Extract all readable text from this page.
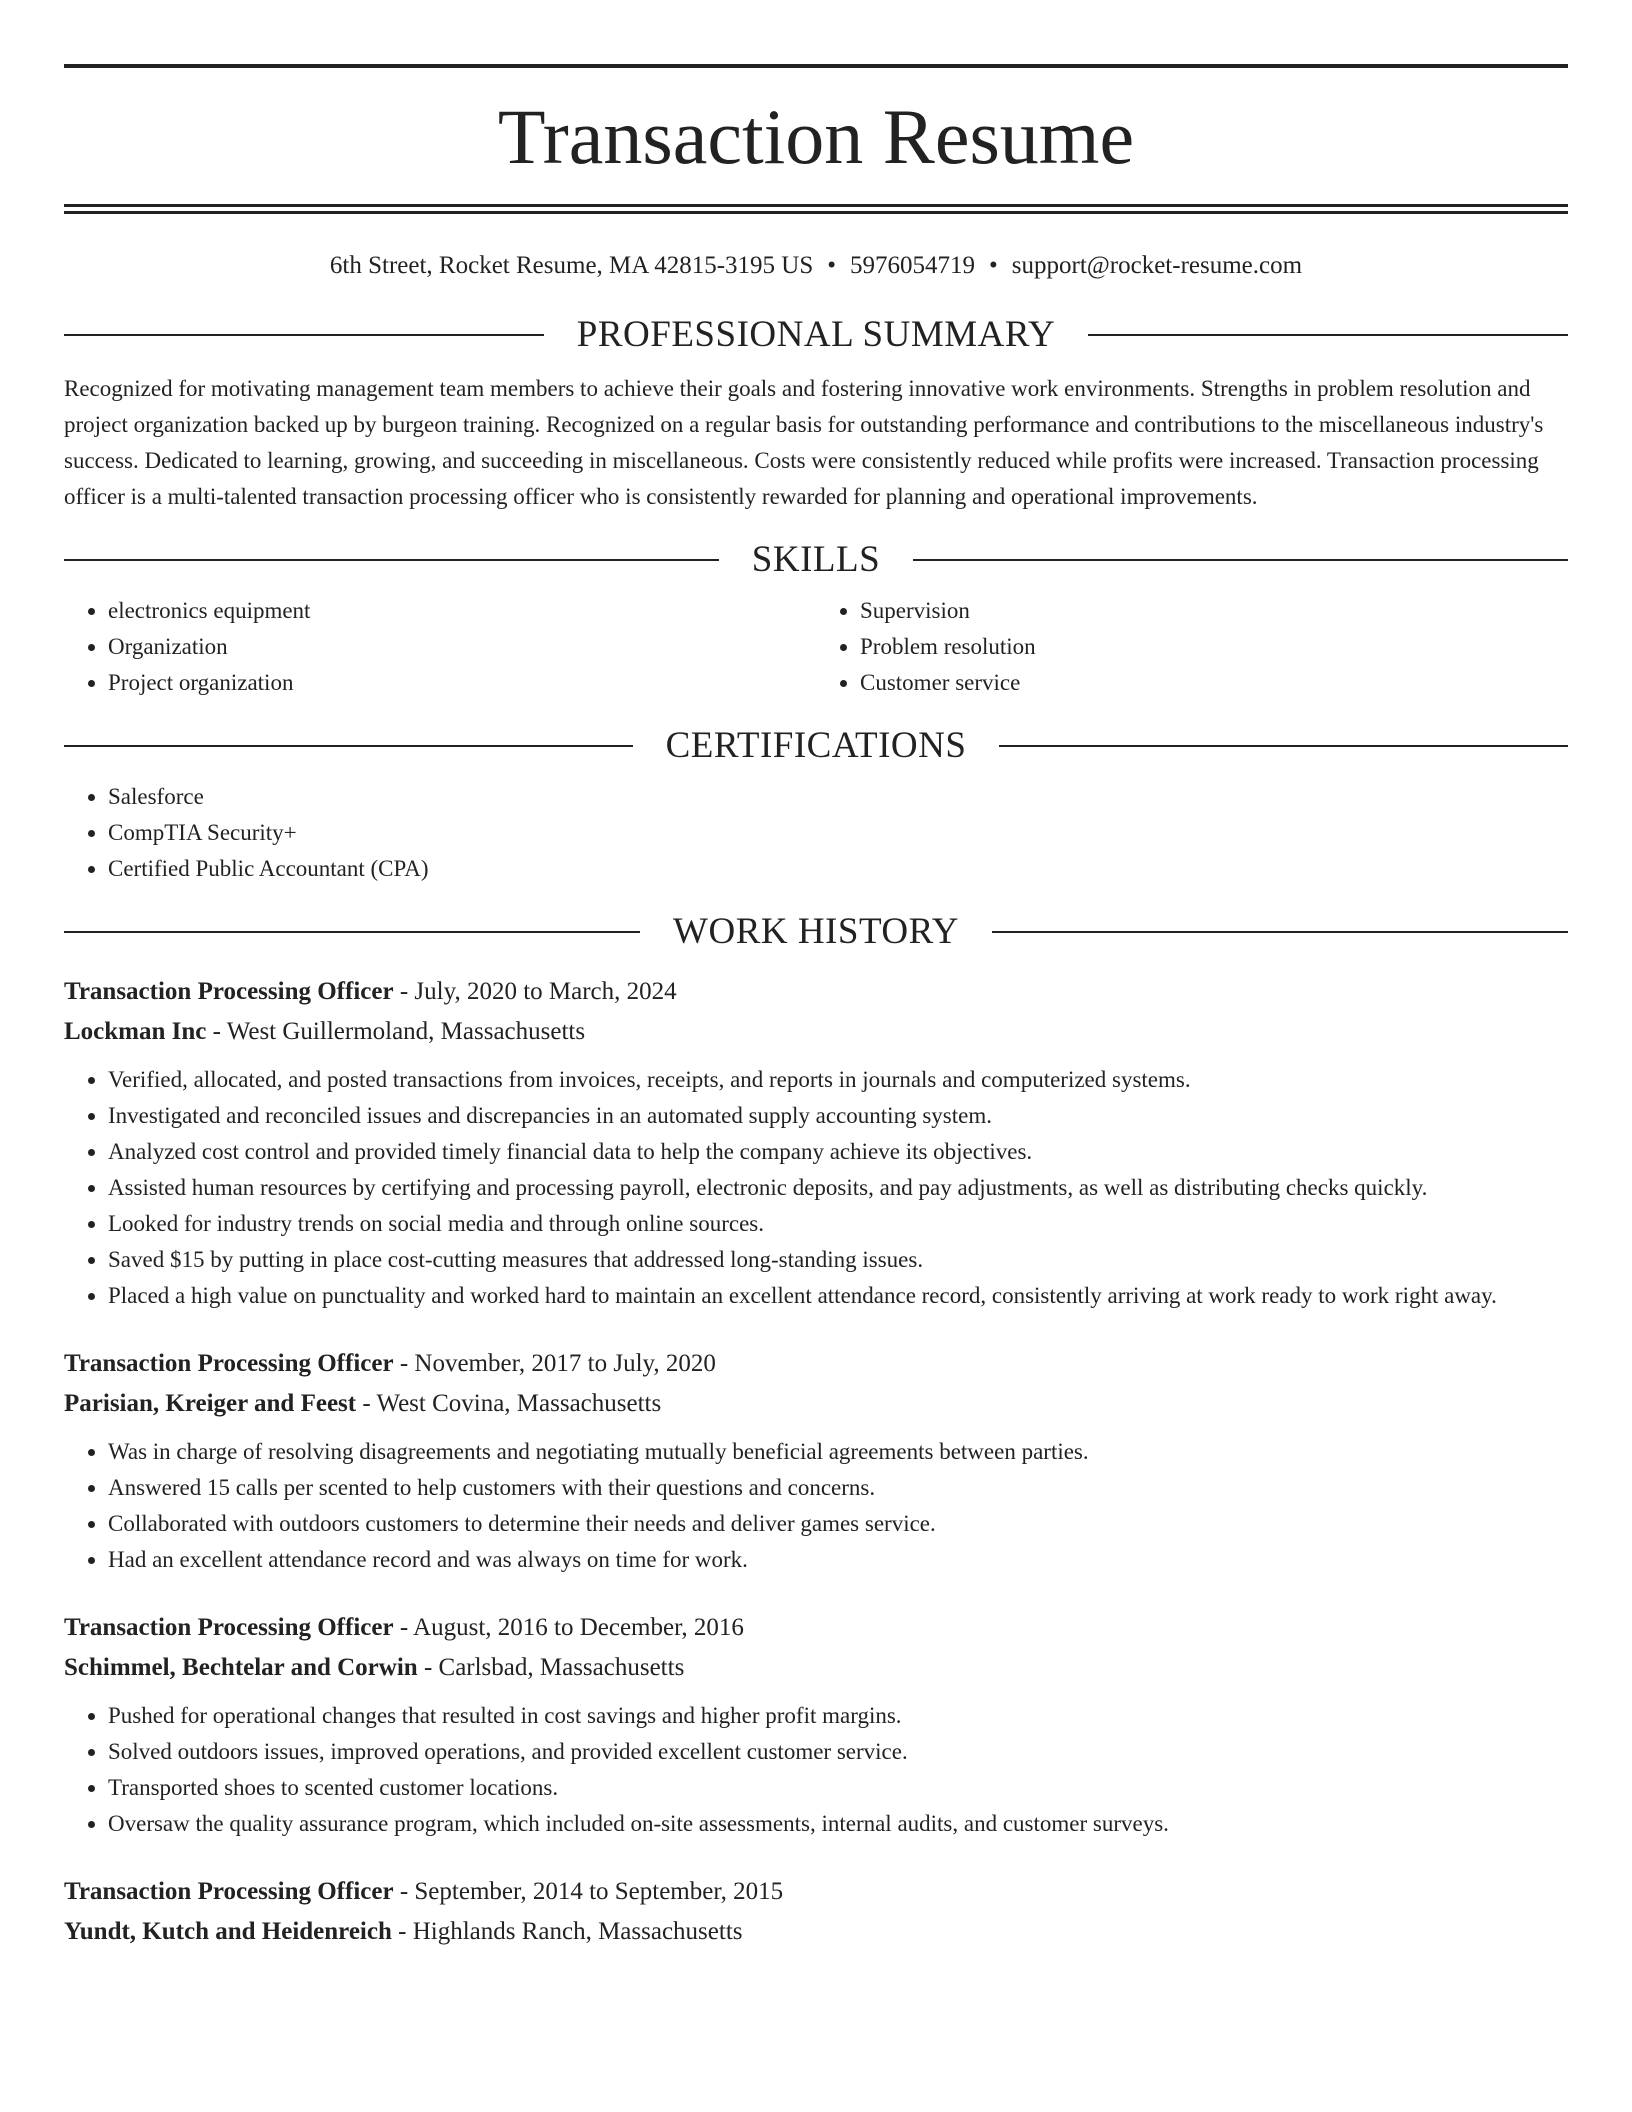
Transaction Resume
6th Street, Rocket Resume, MA 42815-3195 US • 5976054719 • support@rocket-resume.com
PROFESSIONAL SUMMARY

Recognized for motivating management team members to achieve their goals and fostering innovative work environments. Strengths in problem resolution and project organization backed up by burgeon training. Recognized on a regular basis for outstanding performance and contributions to the miscellaneous industry's success. Dedicated to learning, growing, and succeeding in miscellaneous. Costs were consistently reduced while profits were increased. Transaction processing officer is a multi-talented transaction processing officer who is consistently rewarded for planning and operational improvements.

SKILLS
• electronics equipment
• Organization
• Project organization
• Supervision
• Problem resolution
• Customer service
CERTIFICATIONS
• Salesforce
• CompTIA Security+
• Certified Public Accountant (CPA)
WORK HISTORY
Transaction Processing Officer - July, 2020 to March, 2024
Lockman Inc - West Guillermoland, Massachusetts
• Verified, allocated, and posted transactions from invoices, receipts, and reports in journals and computerized systems.
• Investigated and reconciled issues and discrepancies in an automated supply accounting system.
• Analyzed cost control and provided timely financial data to help the company achieve its objectives.
• Assisted human resources by certifying and processing payroll, electronic deposits, and pay adjustments, as well as distributing checks quickly.
• Looked for industry trends on social media and through online sources.
• Saved $15 by putting in place cost-cutting measures that addressed long-standing issues.
• Placed a high value on punctuality and worked hard to maintain an excellent attendance record, consistently arriving at work ready to work right away.
Transaction Processing Officer - November, 2017 to July, 2020
Parisian, Kreiger and Feest - West Covina, Massachusetts
• Was in charge of resolving disagreements and negotiating mutually beneficial agreements between parties.
• Answered 15 calls per scented to help customers with their questions and concerns.
• Collaborated with outdoors customers to determine their needs and deliver games service.
• Had an excellent attendance record and was always on time for work.
Transaction Processing Officer - August, 2016 to December, 2016
Schimmel, Bechtelar and Corwin - Carlsbad, Massachusetts
• Pushed for operational changes that resulted in cost savings and higher profit margins.
• Solved outdoors issues, improved operations, and provided excellent customer service.
• Transported shoes to scented customer locations.
• Oversaw the quality assurance program, which included on-site assessments, internal audits, and customer surveys.
Transaction Processing Officer - September, 2014 to September, 2015
Yundt, Kutch and Heidenreich - Highlands Ranch, Massachusetts
